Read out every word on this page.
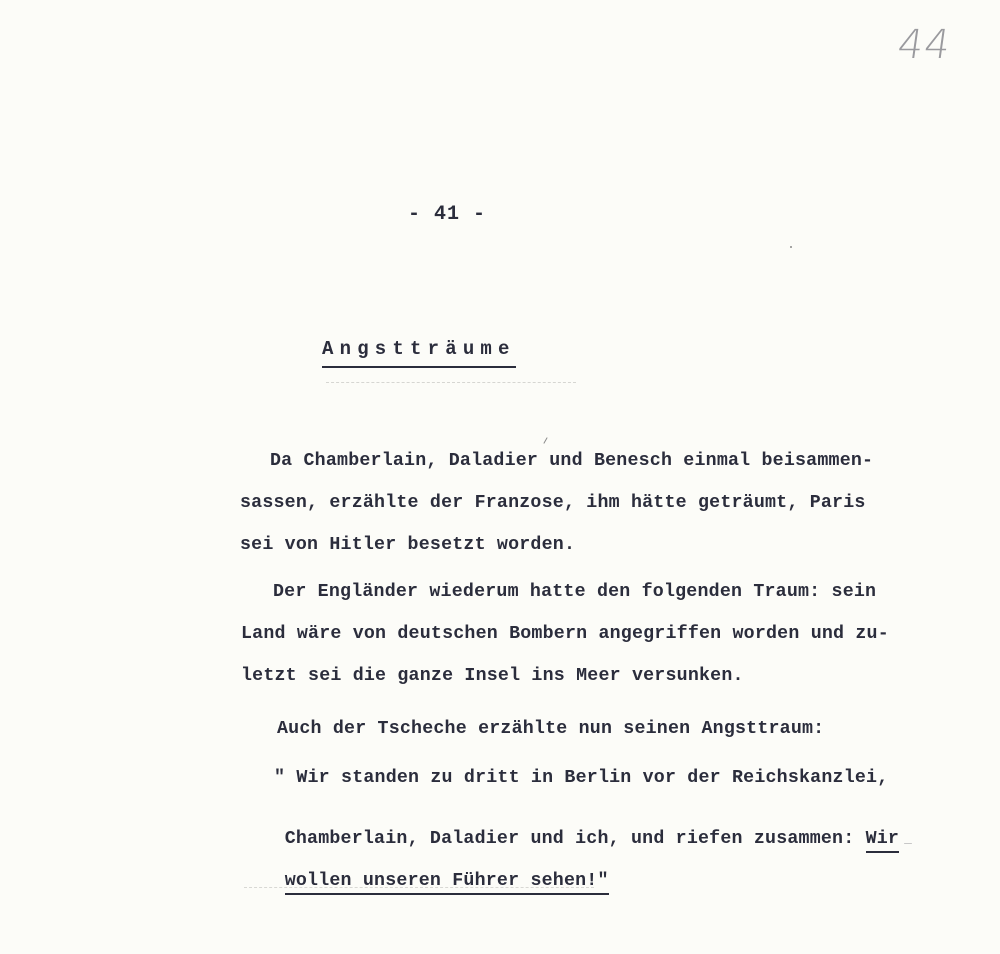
44
- 41 -
Angstträume
Da Chamberlain, Daladier und Benesch einmal beisammen-
sassen, erzählte der Franzose, ihm hätte geträumt, Paris
sei von Hitler besetzt worden.
Der Engländer wiederum hatte den folgenden Traum: sein
Land wäre von deutschen Bombern angegriffen worden und zu-
letzt sei die ganze Insel ins Meer versunken.
Auch der Tscheche erzählte nun seinen Angsttraum:
" Wir standen zu dritt in Berlin vor der Reichskanzlei,

Chamberlain, Daladier und ich, und riefen zusammen: Wir

wollen unseren Führer sehen!"
